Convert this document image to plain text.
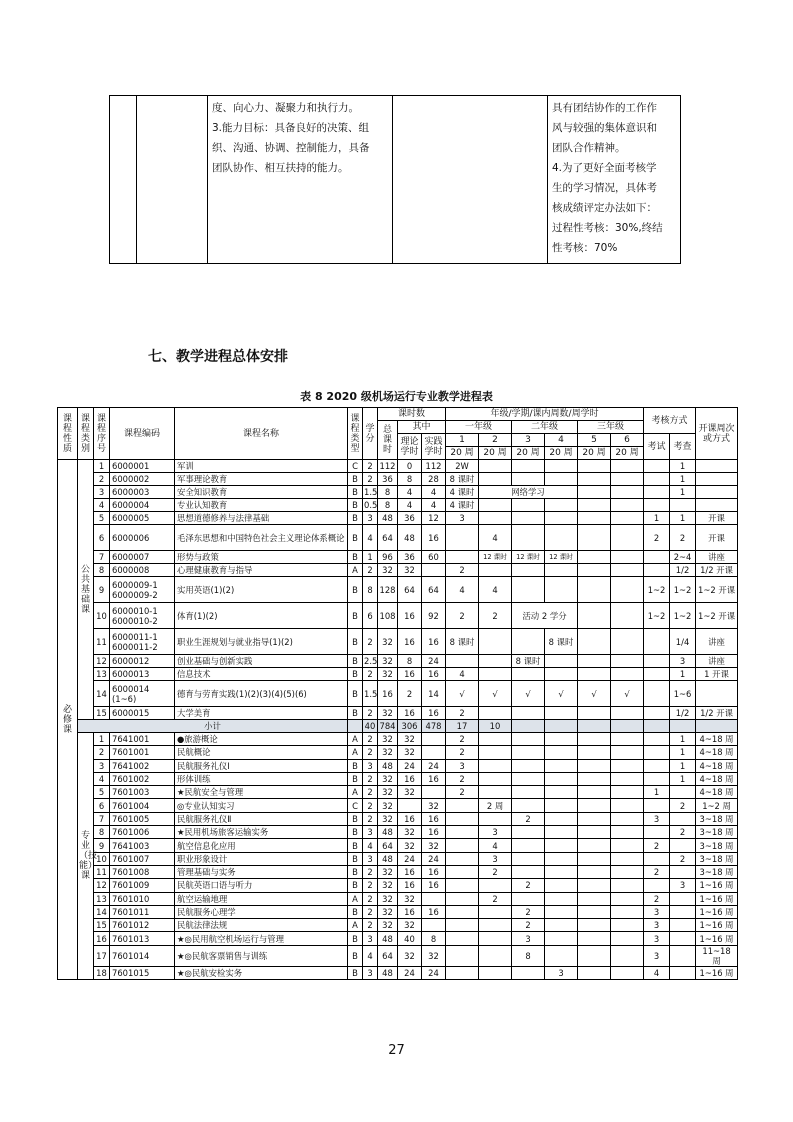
度、向心力、凝聚力和执行力。
3.能力目标：具备良好的决策、组
织、沟通、协调、控制能力，具备
团队协作、相互扶持的能力。

具有团结协作的工作作
风与较强的集体意识和
团队合作精神。
4.为了更好全面考核学
生的学习情况，具体考
核成绩评定办法如下：
过程性考核：30%,终结
性考核：70%
七、教学进程总体安排
表 8 2020 级机场运行专业教学进程表
课程性质	课程类别	课程序号	课程编码	课程名称	课程类型	学分	课时数			年级/学期/课内周数/周学时						考核方式		开课周次或方式
							总课时	其中		一年级		二年级		三年级				
								理论学时	实践学时	1	2	3	4	5	6	考试	考查	
										20 周	20 周	20 周	20 周	20 周	20 周			
必修课	公共基础课	1	6000001	军训	C	2	112	0	112	2W							1	
		2	6000002	军事理论教育	B	2	36	8	28	8 课时							1	
		3	6000003	安全知识教育	B	1.5	8	4	4	4 课时	网络学习						1	
		4	6000004	专业认知教育	B	0.5	8	4	4	4 课时								
		5	6000005	思想道德修养与法律基础	B	3	48	36	12	3						1	1	开课
		6	6000006	毛泽东思想和中国特色社会主义理论体系概论	B	4	64	48	16		4					2	2	开课
		7	6000007	形势与政策	B	1	96	36	60		12 课时	12 课时	12 课时				2~4	讲座
		8	6000008	心理健康教育与指导	A	2	32	32		2							1/2	1/2 开课
		9	6000009-1
6000009-2	实用英语(1)(2)	B	8	128	64	64	4	4					1~2	1~2	1~2 开课
		10	6000010-1
6000010-2	体育(1)(2)	B	6	108	16	92	2	2	活动 2 学分				1~2	1~2	1~2 开课
		11	6000011-1
6000011-2	职业生涯规划与就业指导(1)(2)	B	2	32	16	16	8 课时			8 课时				1/4	讲座
		12	6000012	创业基础与创新实践	B	2.5	32	8	24			8 课时					3	讲座
		13	6000013	信息技术	B	2	32	16	16	4							1	1 开课
		14	6000014
(1~6)	德育与劳育实践(1)(2)(3)(4)(5)(6)	B	1.5	16	2	14	√	√	√	√	√	√		1~6	
		15	6000015	大学美育	B	2	32	16	16	2							1/2	1/2 开课
	小计					40	784	306	478	17	10							
	专业（技能）课	1	7641001	●旅游概论	A	2	32	32		2							1	4~18 周
		2	7601001	民航概论	A	2	32	32		2							1	4~18 周
		3	7641002	民航服务礼仪Ⅰ	B	3	48	24	24	3							1	4~18 周
		4	7601002	形体训练	B	2	32	16	16	2							1	4~18 周
		5	7601003	★民航安全与管理	A	2	32	32		2						1		4~18 周
		6	7601004	◎专业认知实习	C	2	32		32		2 周						2	1~2 周
		7	7601005	民航服务礼仪Ⅱ	B	2	32	16	16			2				3		3~18 周
		8	7601006	★民用机场旅客运输实务	B	3	48	32	16		3						2	3~18 周
		9	7641003	航空信息化应用	B	4	64	32	32		4					2		3~18 周
		10	7601007	职业形象设计	B	3	48	24	24		3						2	3~18 周
		11	7601008	管理基础与实务	B	2	32	16	16		2					2		3~18 周
		12	7601009	民航英语口语与听力	B	2	32	16	16			2					3	1~16 周
		13	7601010	航空运输地理	A	2	32	32			2					2		1~16 周
		14	7601011	民航服务心理学	B	2	32	16	16			2				3		1~16 周
		15	7601012	民航法律法规	A	2	32	32				2				3		1~16 周
		16	7601013	★◎民用航空机场运行与管理	B	3	48	40	8			3				3		1~16 周
		17	7601014	★◎民航客票销售与训练	B	4	64	32	32			8				3		11~18 周
		18	7601015	★◎民航安检实务	B	3	48	24	24				3			4		1~16 周
27
